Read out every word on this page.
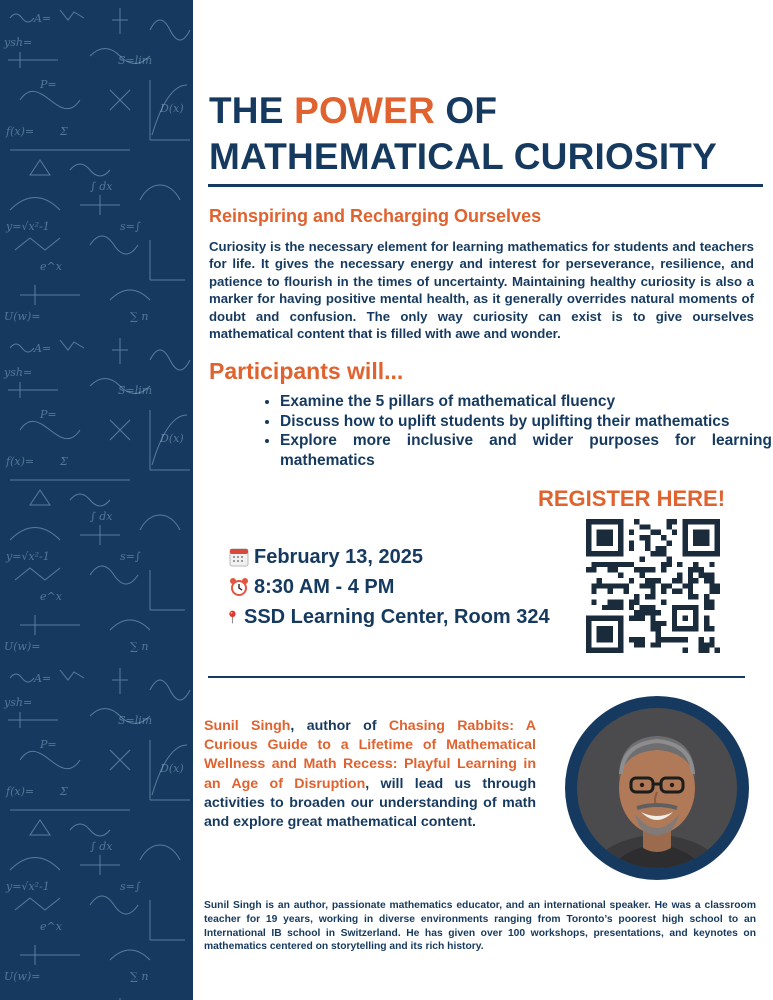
THE POWER OF
MATHEMATICAL CURIOSITY
Reinspiring and Recharging Ourselves

Curiosity is the necessary element for learning mathematics for students and teachers for life. It gives the necessary energy and interest for perseverance, resilience, and patience to flourish in the times of uncertainty. Maintaining healthy curiosity is also a marker for having positive mental health, as it generally overrides natural moments of doubt and confusion. The only way curiosity can exist is to give ourselves mathematical content that is filled with awe and wonder.

Participants will...
• Examine the 5 pillars of mathematical fluency
• Discuss how to uplift students by uplifting their mathematics
• Explore more inclusive and wider purposes for learning mathematics
REGISTER HERE!
February 13, 2025
8:30 AM - 4 PM
SSD Learning Center, Room 324

Sunil Singh, author of Chasing Rabbits: A Curious Guide to a Lifetime of Mathematical Wellness and Math Recess: Playful Learning in an Age of Disruption, will lead us through activities to broaden our understanding of math and explore great mathematical content.

Sunil Singh is an author, passionate mathematics educator, and an international speaker. He was a classroom teacher for 19 years, working in diverse environments ranging from Toronto’s poorest high school to an International IB school in Switzerland. He has given over 100 workshops, presentations, and keynotes on mathematics centered on storytelling and its rich history.
